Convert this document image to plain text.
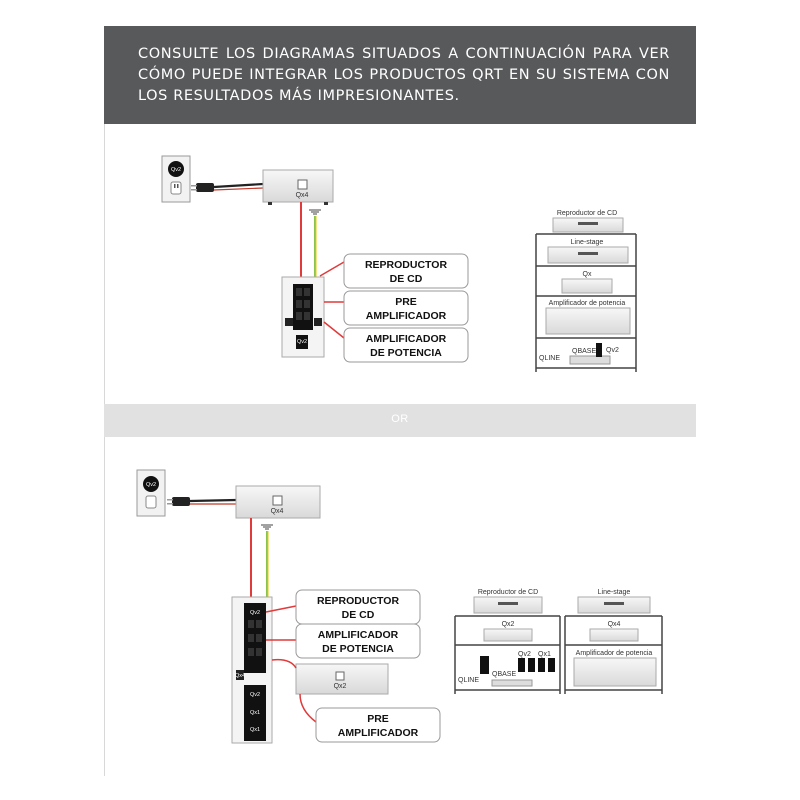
CONSULTE LOS DIAGRAMAS SITUADOS A CONTINUACIÓN PARA VER CÓMO PUEDE INTEGRAR LOS PRODUCTOS QRT EN SU SISTEMA CON LOS RESULTADOS MÁS IMPRESIONANTES.
OR
Qv2
Qx4
Qv2
REPRODUCTOR
DE CD
PRE
AMPLIFICADOR
AMPLIFICADOR
DE POTENCIA
Reproductor de CD
Line-stage
Qx
Amplificador de potencia
QLINE
QBASE Qv2
Qv2
Qx4
Qv2
Qx4
Qv2
Qx1
Qx1
Qx2
REPRODUCTOR
DE CD
AMPLIFICADOR
DE POTENCIA
PRE
AMPLIFICADOR
Reproductor de CD
Qx2
QLINE
QBASE
Qv2 Qx1
Line-stage
Qx4
Amplificador de potencia
